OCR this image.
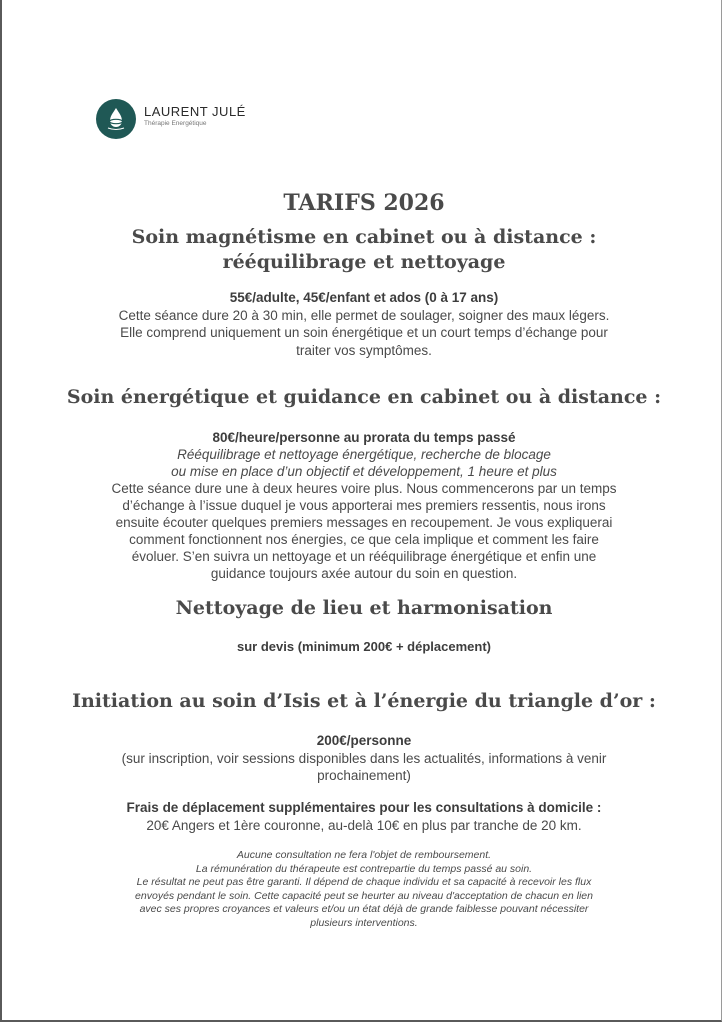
LAURENT JULÉ
Thérapie Energétique
TARIFS 2026
Soin magnétisme en cabinet ou à distance :
rééquilibrage et nettoyage
55€/adulte, 45€/enfant et ados (0 à 17 ans)
Cette séance dure 20 à 30 min, elle permet de soulager, soigner des maux légers.
Elle comprend uniquement un soin énergétique et un court temps d’échange pour
traiter vos symptômes.
Soin énergétique et guidance en cabinet ou à distance :
80€/heure/personne au prorata du temps passé
Rééquilibrage et nettoyage énergétique, recherche de blocage
ou mise en place d’un objectif et développement, 1 heure et plus
Cette séance dure une à deux heures voire plus. Nous commencerons par un temps
d’échange à l’issue duquel je vous apporterai mes premiers ressentis, nous irons
ensuite écouter quelques premiers messages en recoupement. Je vous expliquerai
comment fonctionnent nos énergies, ce que cela implique et comment les faire
évoluer. S’en suivra un nettoyage et un rééquilibrage énergétique et enfin une
guidance toujours axée autour du soin en question.
Nettoyage de lieu et harmonisation
sur devis (minimum 200€ + déplacement)
Initiation au soin d’Isis et à l’énergie du triangle d’or :
200€/personne
(sur inscription, voir sessions disponibles dans les actualités, informations à venir
prochainement)
Frais de déplacement supplémentaires pour les consultations à domicile :
20€ Angers et 1ère couronne, au-delà 10€ en plus par tranche de 20 km.
Aucune consultation ne fera l'objet de remboursement.
La rémunération du thérapeute est contrepartie du temps passé au soin.
Le résultat ne peut pas être garanti. Il dépend de chaque individu et sa capacité à recevoir les flux
envoyés pendant le soin. Cette capacité peut se heurter au niveau d'acceptation de chacun en lien
avec ses propres croyances et valeurs et/ou un état déjà de grande faiblesse pouvant nécessiter
plusieurs interventions.
